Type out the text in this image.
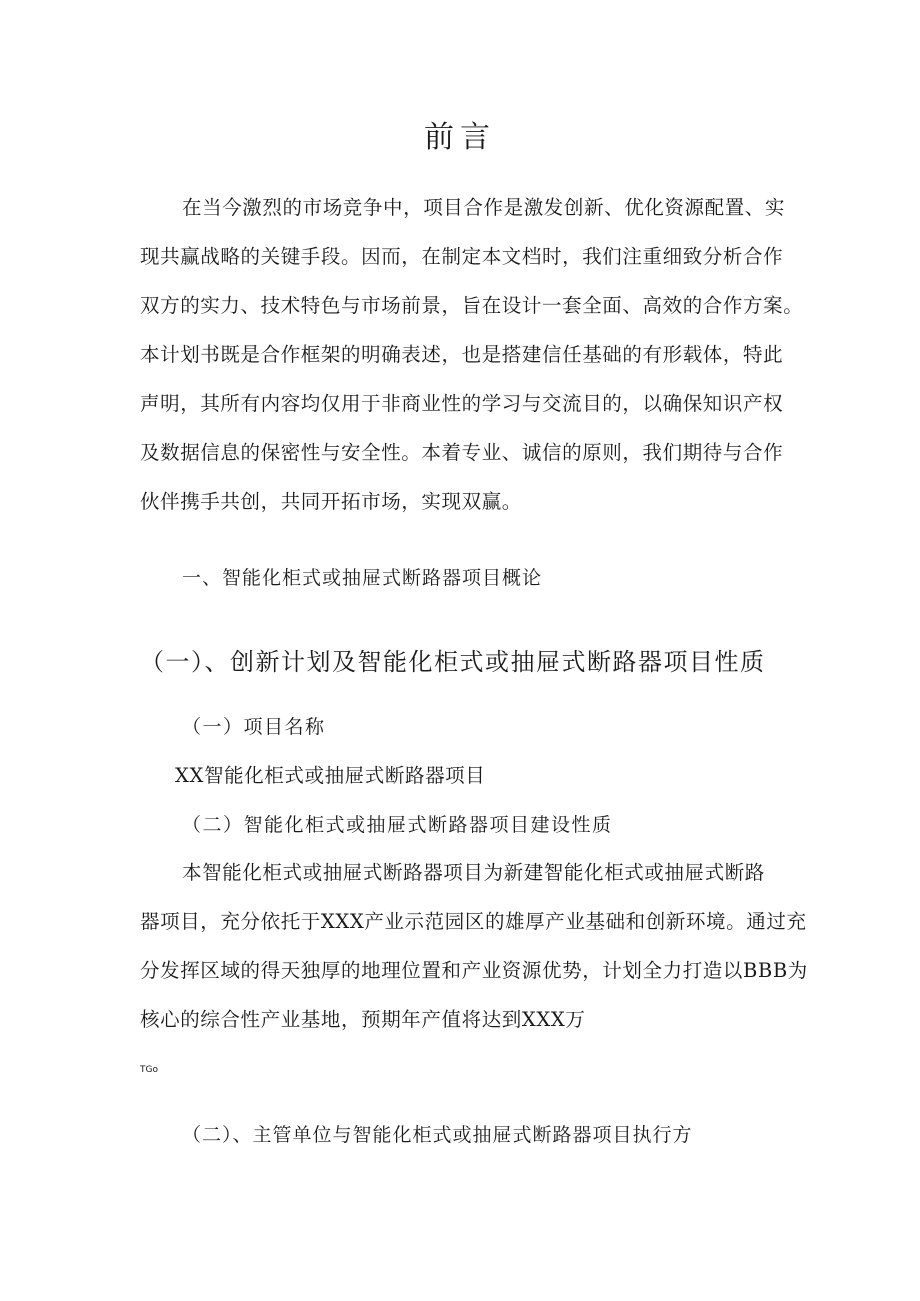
前言
在当今激烈的市场竞争中，项目合作是激发创新、优化资源配置、实
现共赢战略的关键手段。因而，在制定本文档时，我们注重细致分析合作
双方的实力、技术特色与市场前景，旨在设计一套全面、高效的合作方案。
本计划书既是合作框架的明确表述，也是搭建信任基础的有形载体，特此
声明，其所有内容均仅用于非商业性的学习与交流目的，以确保知识产权
及数据信息的保密性与安全性。本着专业、诚信的原则，我们期待与合作
伙伴携手共创，共同开拓市场，实现双赢。
一、智能化柜式或抽屉式断路器项目概论
（一）、创新计划及智能化柜式或抽屉式断路器项目性质
（一）项目名称
XX智能化柜式或抽屉式断路器项目
（二）智能化柜式或抽屉式断路器项目建设性质
本智能化柜式或抽屉式断路器项目为新建智能化柜式或抽屉式断路
器项目，充分依托于XXX产业示范园区的雄厚产业基础和创新环境。通过充
分发挥区域的得天独厚的地理位置和产业资源优势，计划全力打造以BBB为
核心的综合性产业基地，预期年产值将达到XXX万
TGo
（二）、主管单位与智能化柜式或抽屉式断路器项目执行方
